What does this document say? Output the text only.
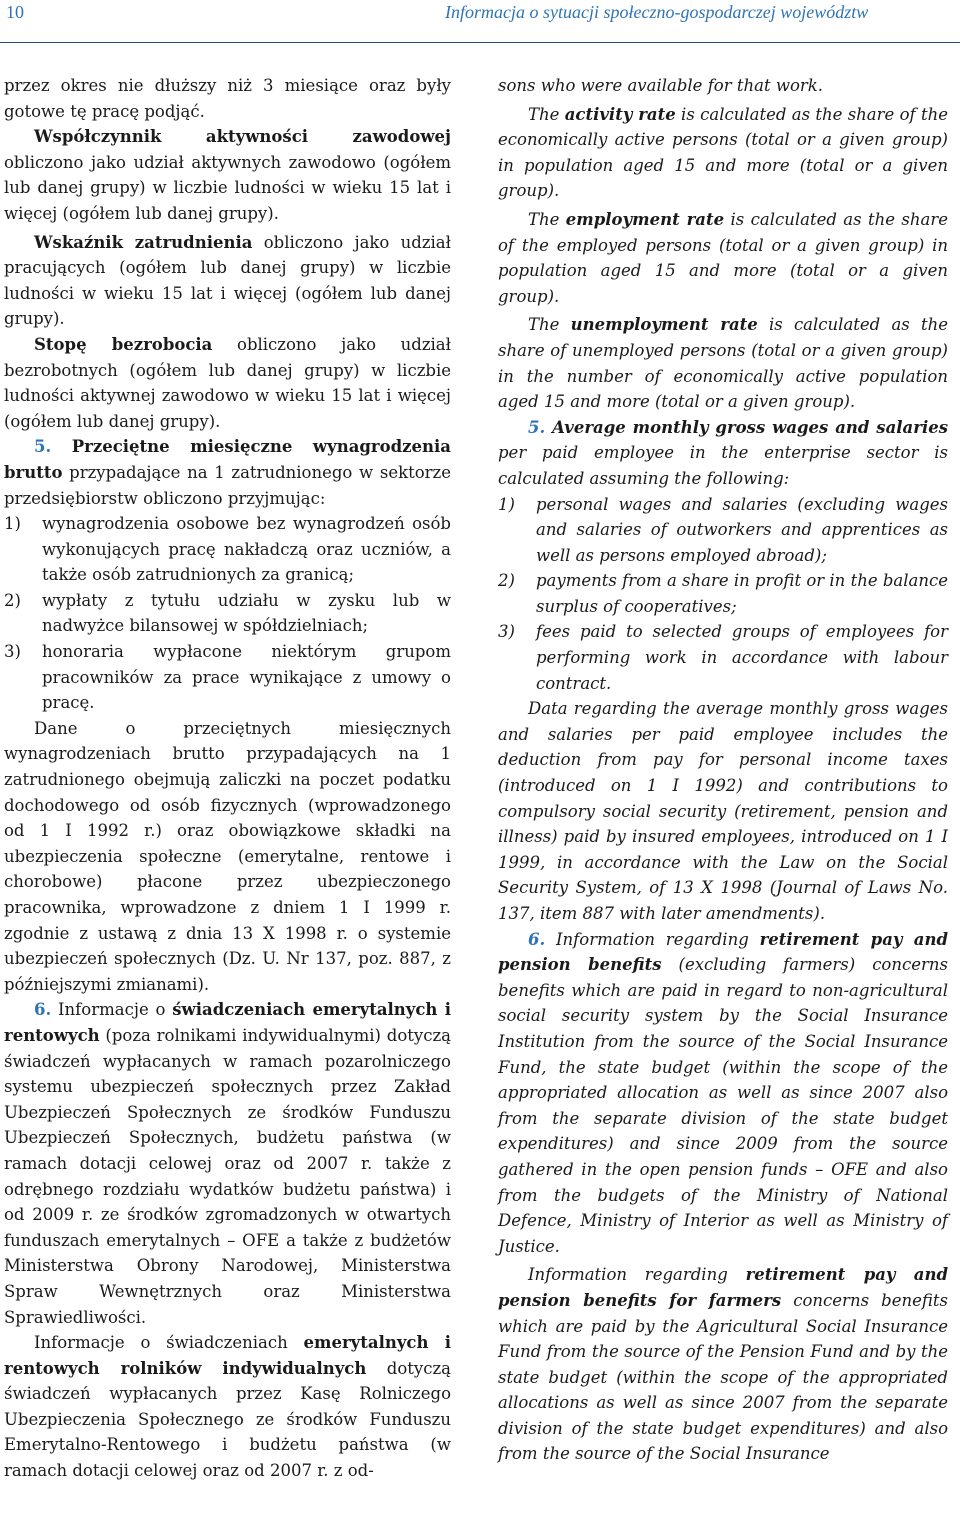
10	Informacja o sytuacji społeczno-gospodarczej województw

przez okres nie dłuższy niż 3 miesiące oraz były gotowe tę pracę podjąć.

Współczynnik aktywności zawodowej obliczono jako udział aktywnych zawodowo (ogółem lub danej grupy) w liczbie ludności w wieku 15 lat i więcej (ogółem lub danej grupy).

Wskaźnik zatrudnienia obliczono jako udział pracujących (ogółem lub danej grupy) w liczbie ludności w wieku 15 lat i więcej (ogółem lub danej grupy).

Stopę bezrobocia obliczono jako udział bezrobotnych (ogółem lub danej grupy) w liczbie ludności aktywnej zawodowo w wieku 15 lat i więcej (ogółem lub danej grupy).

5. Przeciętne miesięczne wynagrodzenia brutto przypadające na 1 zatrudnionego w sektorze przedsiębiorstw obliczono przyjmując:

1)	wynagrodzenia osobowe bez wynagrodzeń osób wykonujących pracę nakładczą oraz uczniów, a także osób zatrudnionych za granicą;
2)	wypłaty z tytułu udziału w zysku lub w nadwyżce bilansowej w spółdzielniach;
3)	honoraria wypłacone niektórym grupom pracowników za prace wynikające z umowy o pracę.

Dane o przeciętnych miesięcznych wynagrodzeniach brutto przypadających na 1 zatrudnionego obejmują zaliczki na poczet podatku dochodowego od osób fizycznych (wprowadzonego od 1 I 1992 r.) oraz obowiązkowe składki na ubezpieczenia społeczne (emerytalne, rentowe i chorobowe) płacone przez ubezpieczonego pracownika, wprowadzone z dniem 1 I 1999 r. zgodnie z ustawą z dnia 13 X 1998 r. o systemie ubezpieczeń społecznych (Dz. U. Nr 137, poz. 887, z późniejszymi zmianami).

6. Informacje o świadczeniach emerytalnych i rentowych (poza rolnikami indywidualnymi) dotyczą świadczeń wypłacanych w ramach pozarolniczego systemu ubezpieczeń społecznych przez Zakład Ubezpieczeń Społecznych ze środków Funduszu Ubezpieczeń Społecznych, budżetu państwa (w ramach dotacji celowej oraz od 2007 r. także z odrębnego rozdziału wydatków budżetu państwa) i od 2009 r. ze środków zgromadzonych w otwartych funduszach emerytalnych – OFE a także z budżetów Ministerstwa Obrony Narodowej, Ministerstwa Spraw Wewnętrznych oraz Ministerstwa Sprawiedliwości.

Informacje o świadczeniach emerytalnych i rentowych rolników indywidualnych dotyczą świadczeń wypłacanych przez Kasę Rolniczego Ubezpieczenia Społecznego ze środków Funduszu Emerytalno-Rentowego i budżetu państwa (w ramach dotacji celowej oraz od 2007 r. z od-

sons who were available for that work.

The activity rate is calculated as the share of the economically active persons (total or a given group) in population aged 15 and more (total or a given group).

The employment rate is calculated as the share of the employed persons (total or a given group) in population aged 15 and more (total or a given group).

The unemployment rate is calculated as the share of unemployed persons (total or a given group) in the number of economically active population aged 15 and more (total or a given group).

5. Average monthly gross wages and salaries per paid employee in the enterprise sector is calculated assuming the following:

1)	personal wages and salaries (excluding wages and salaries of outworkers and apprentices as well as persons employed abroad);
2)	payments from a share in profit or in the balance surplus of cooperatives;
3)	fees paid to selected groups of employees for performing work in accordance with labour contract.

Data regarding the average monthly gross wages and salaries per paid employee includes the deduction from pay for personal income taxes (introduced on 1 I 1992) and contributions to compulsory social security (retirement, pension and illness) paid by insured employees, introduced on 1 I 1999, in accordance with the Law on the Social Security System, of 13 X 1998 (Journal of Laws No. 137, item 887 with later amendments).

6. Information regarding retirement pay and pension benefits (excluding farmers) concerns benefits which are paid in regard to non-agricultural social security system by the Social Insurance Institution from the source of the Social Insurance Fund, the state budget (within the scope of the appropriated allocation as well as since 2007 also from the separate division of the state budget expenditures) and since 2009 from the source gathered in the open pension funds – OFE and also from the budgets of the Ministry of National Defence, Ministry of Interior as well as Ministry of Justice.

Information regarding retirement pay and pension benefits for farmers concerns benefits which are paid by the Agricultural Social Insurance Fund from the source of the Pension Fund and by the state budget (within the scope of the appropriated allocations as well as since 2007 from the separate division of the state budget expenditures) and also from the source of the Social Insurance
